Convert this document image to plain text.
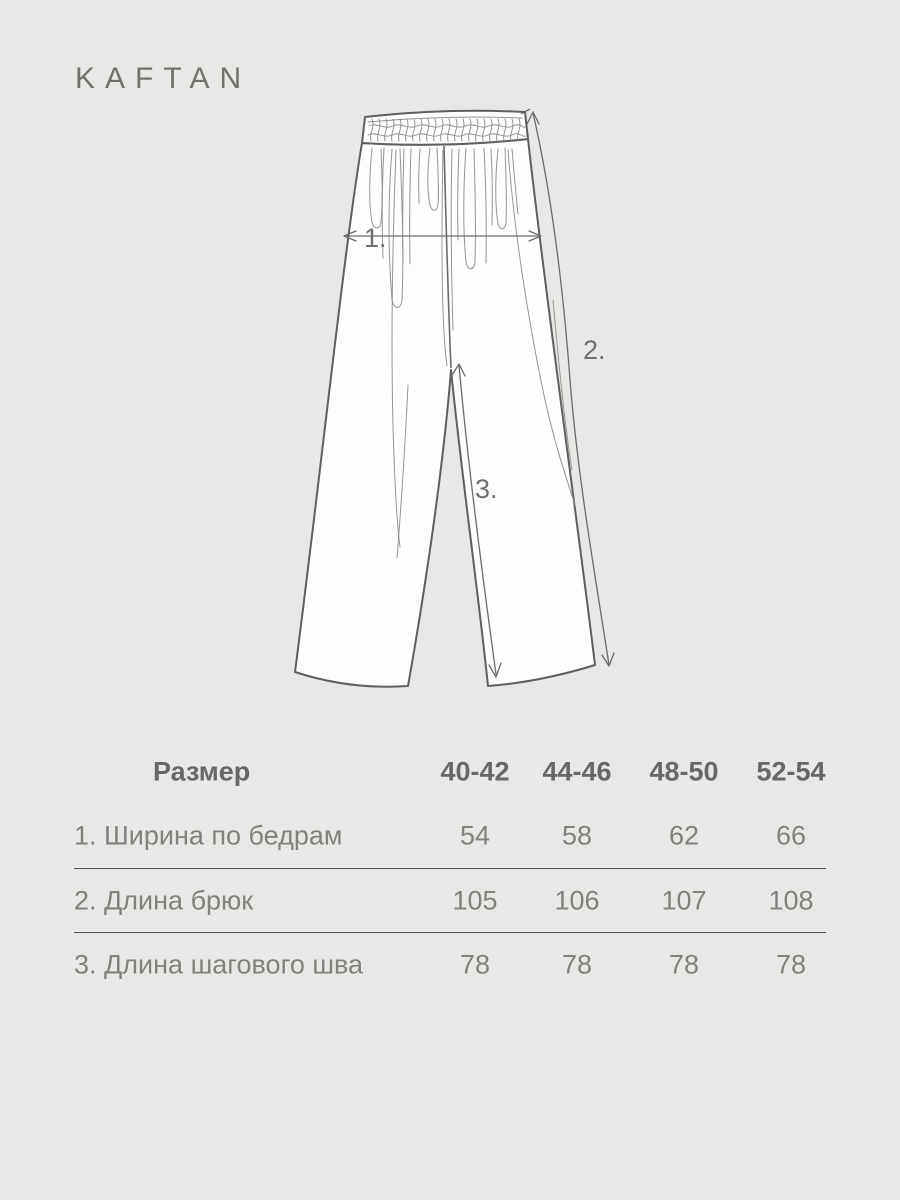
KAFTAN
1.
2.
3.
Размер	40-42 44-46 48-50 52-54
1. Ширина по бедрам	54	58	62	66
2. Длина брюк	105 106 107 108
3. Длина шагового шва	78	78	78	78
